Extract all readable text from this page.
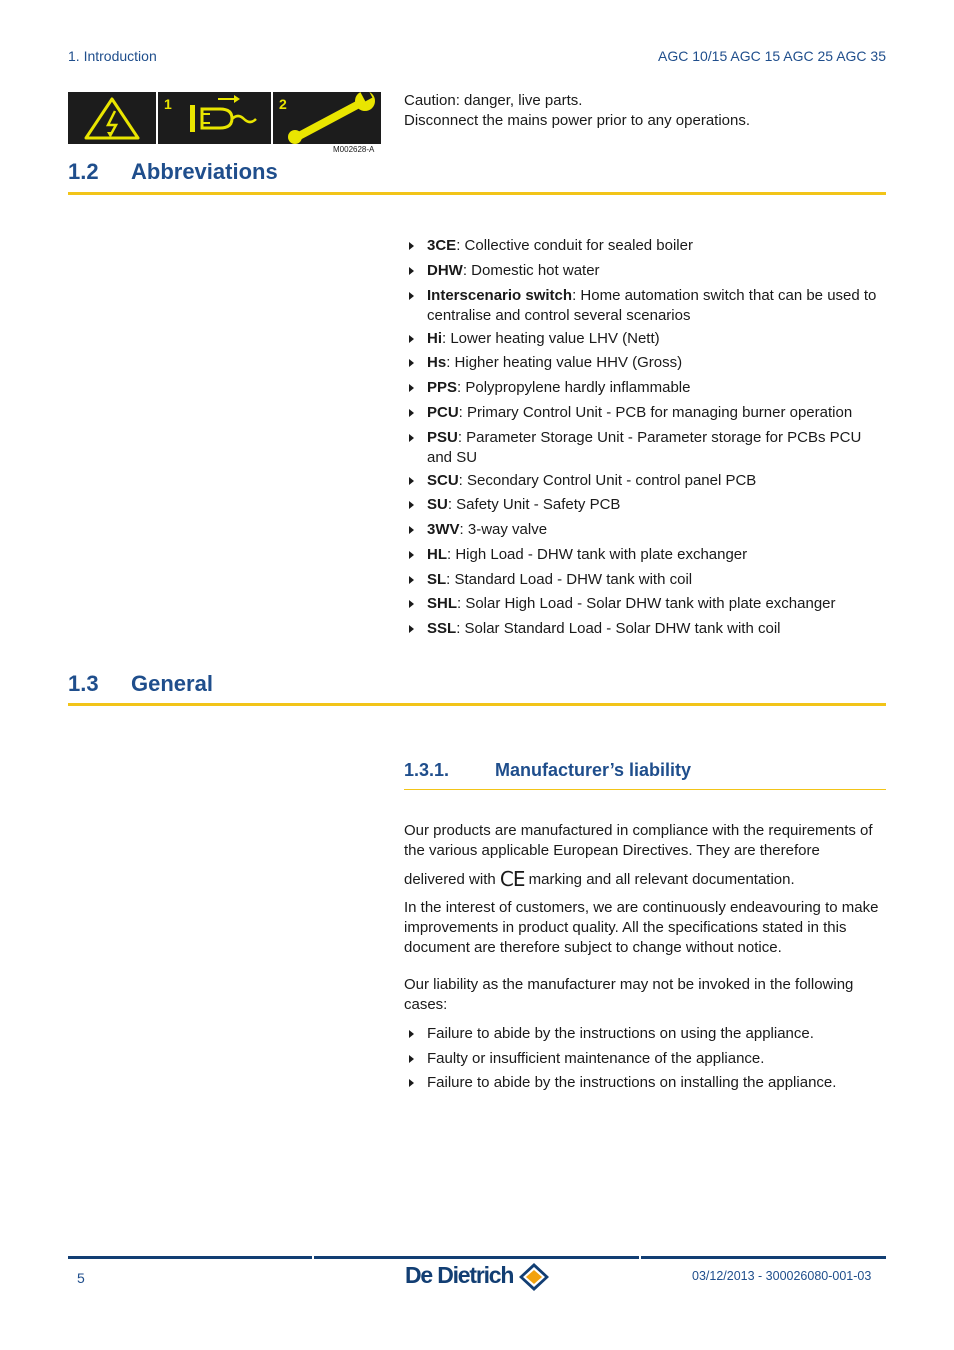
1. Introduction	AGC 10/15 AGC 15 AGC 25 AGC 35
1	2
M002628-A
Caution: danger, live parts.
Disconnect the mains power prior to any operations.
1.2 Abbreviations
3CE: Collective conduit for sealed boiler
DHW: Domestic hot water
Interscenario switch: Home automation switch that can be used to centralise and control several scenarios
Hi: Lower heating value LHV (Nett)
Hs: Higher heating value HHV (Gross)
PPS: Polypropylene hardly inflammable
PCU: Primary Control Unit - PCB for managing burner operation
PSU: Parameter Storage Unit - Parameter storage for PCBs PCU and SU
SCU: Secondary Control Unit - control panel PCB
SU: Safety Unit - Safety PCB
3WV: 3-way valve
HL: High Load - DHW tank with plate exchanger
SL: Standard Load - DHW tank with coil
SHL: Solar High Load - Solar DHW tank with plate exchanger
SSL: Solar Standard Load - Solar DHW tank with coil
1.3 General
1.3.1.	Manufacturer’s liability
Our products are manufactured in compliance with the requirements of the various applicable European Directives. They are therefore
delivered with CE marking and all relevant documentation.
In the interest of customers, we are continuously endeavouring to make improvements in product quality. All the specifications stated in this document are therefore subject to change without notice.
Our liability as the manufacturer may not be invoked in the following cases:
Failure to abide by the instructions on using the appliance.
Faulty or insufficient maintenance of the appliance.
Failure to abide by the instructions on installing the appliance.
5	De Dietrich	03/12/2013 - 300026080-001-03
